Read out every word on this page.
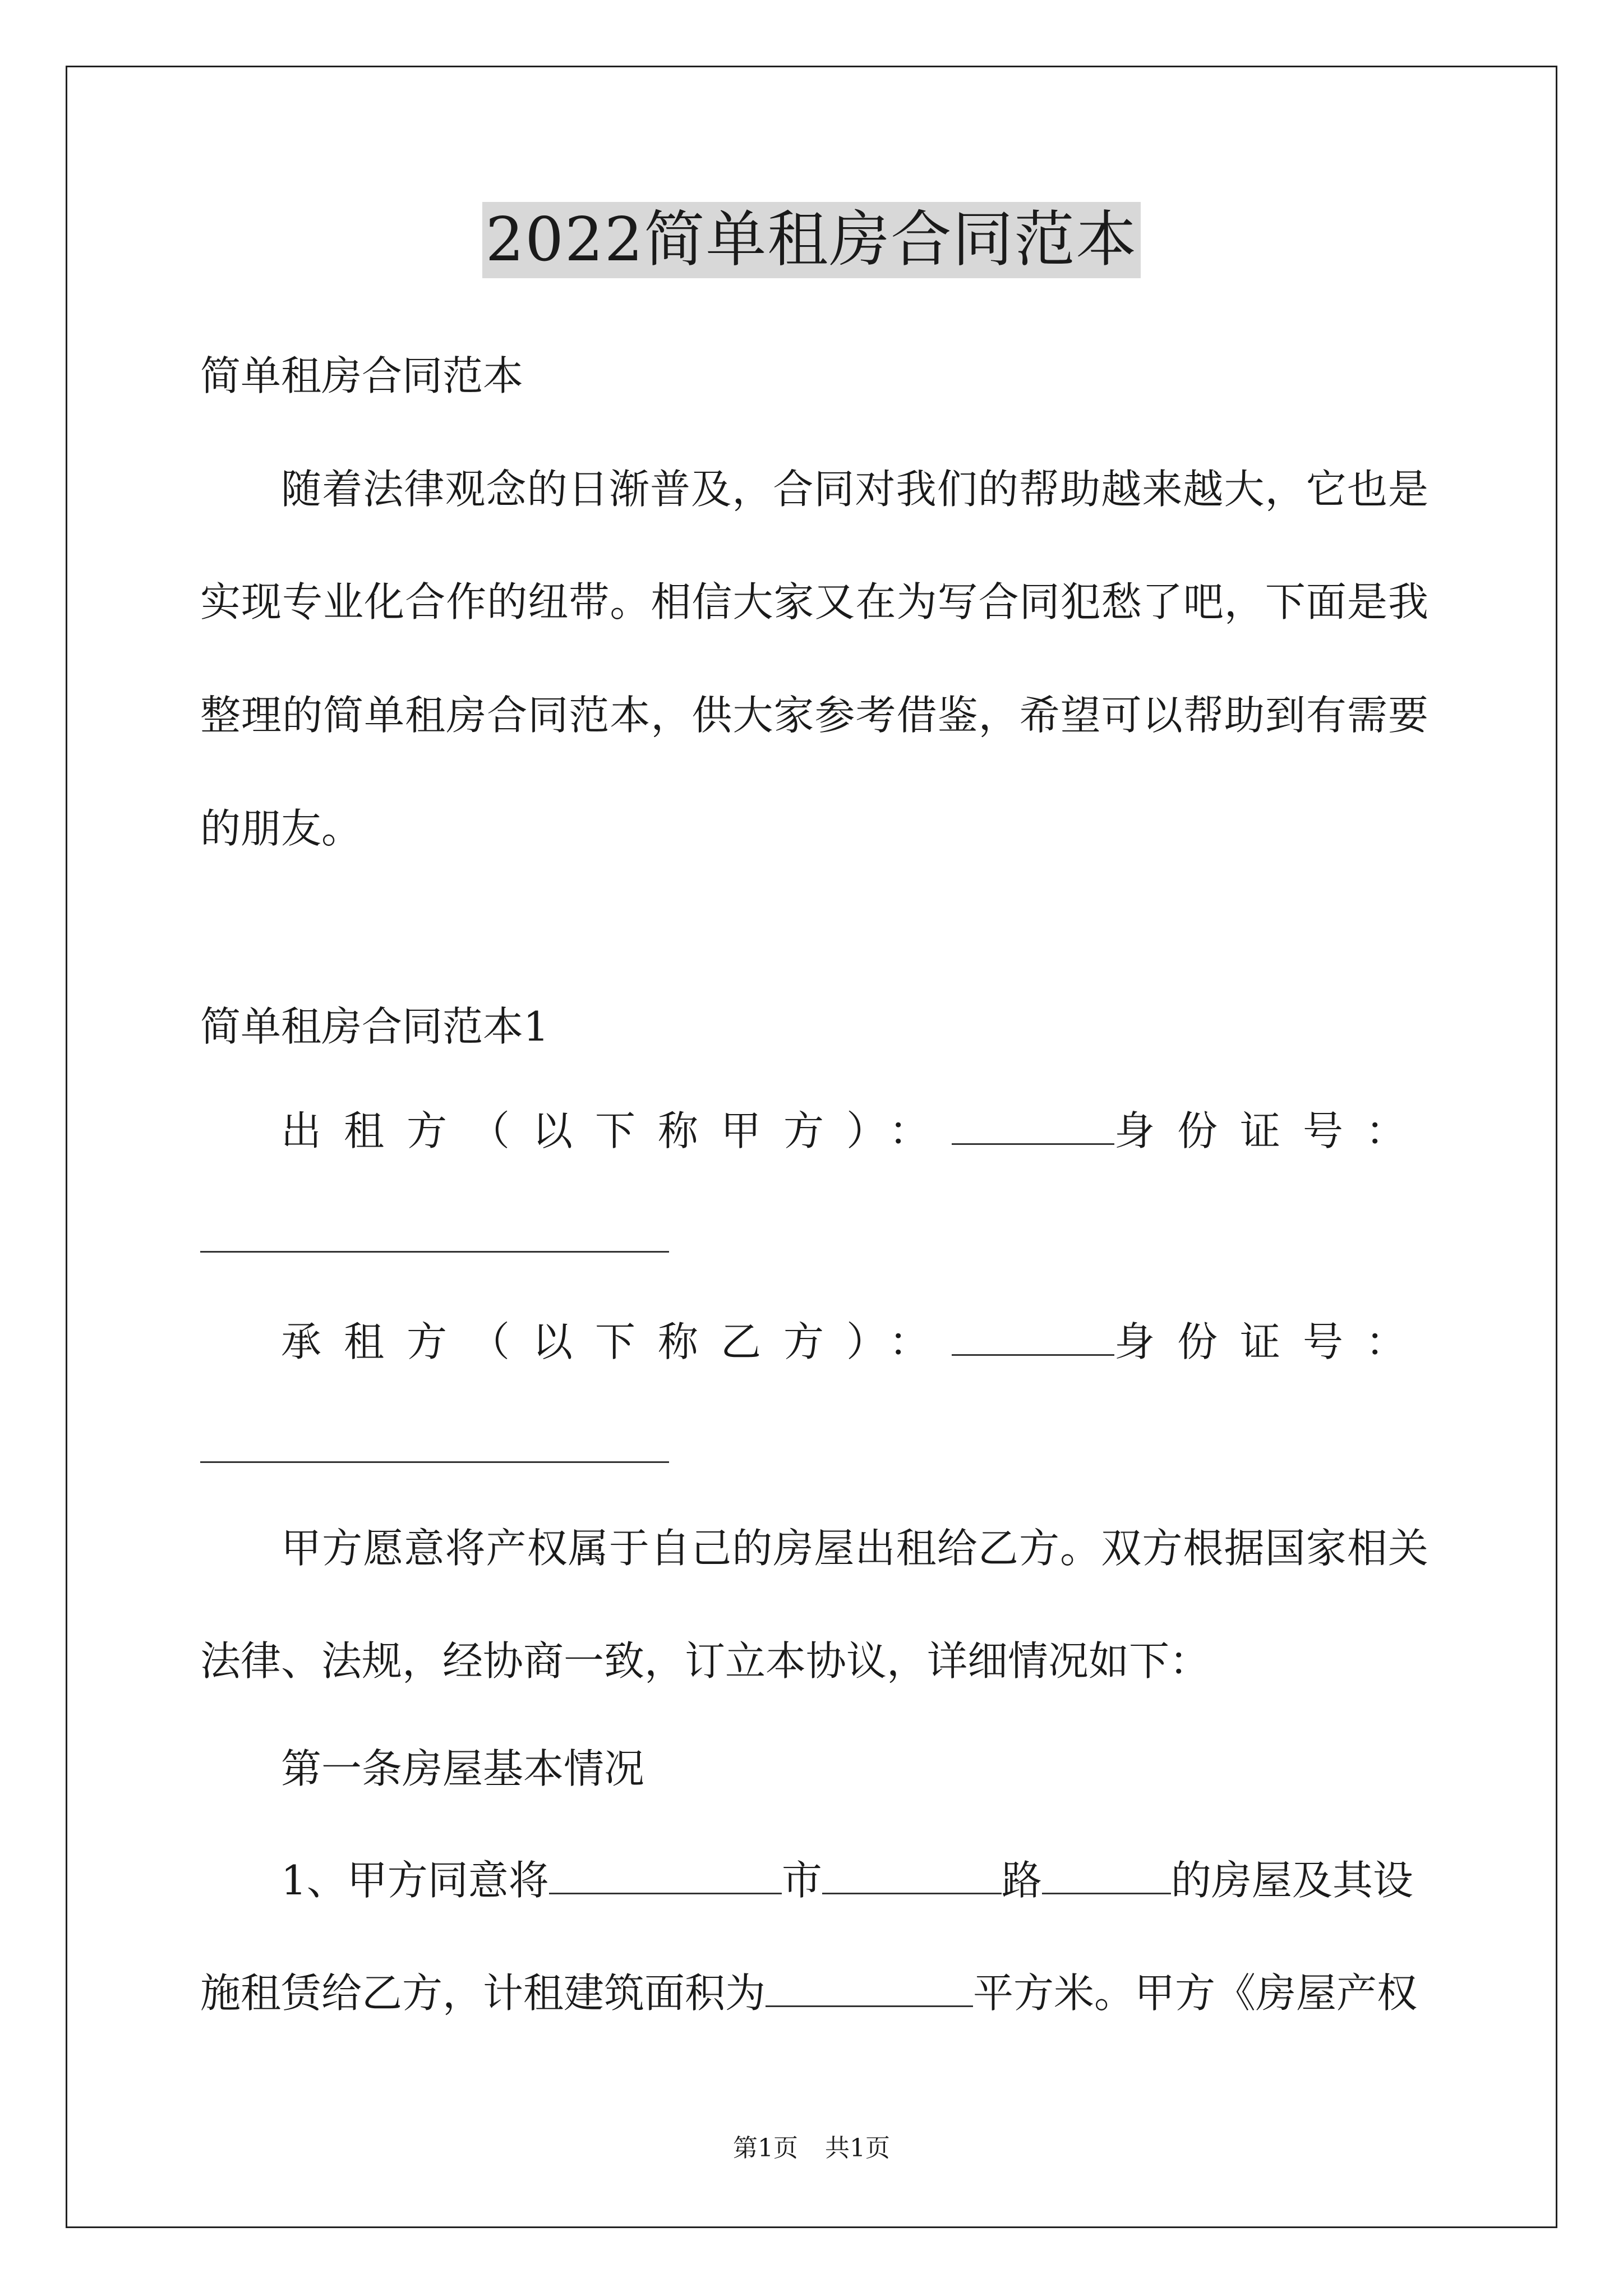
2022简单租房合同范本
简单租房合同范本
随着法律观念的日渐普及，合同对我们的帮助越来越大，它也是
实现专业化合作的纽带。相信大家又在为写合同犯愁了吧，下面是我
整理的简单租房合同范本，供大家参考借鉴，希望可以帮助到有需要
的朋友。
简单租房合同范本1
出租方（以下称甲方）：	身份证号：
承租方（以下称乙方）：	身份证号：
甲方愿意将产权属于自己的房屋出租给乙方。双方根据国家相关
法律、法规，经协商一致，订立本协议，详细情况如下：
第一条房屋基本情况
1、甲方同意将	市	路	的房屋及其设
施租赁给乙方，计租建筑面积为	平方米。甲方《房屋产权
第1页 共1页
